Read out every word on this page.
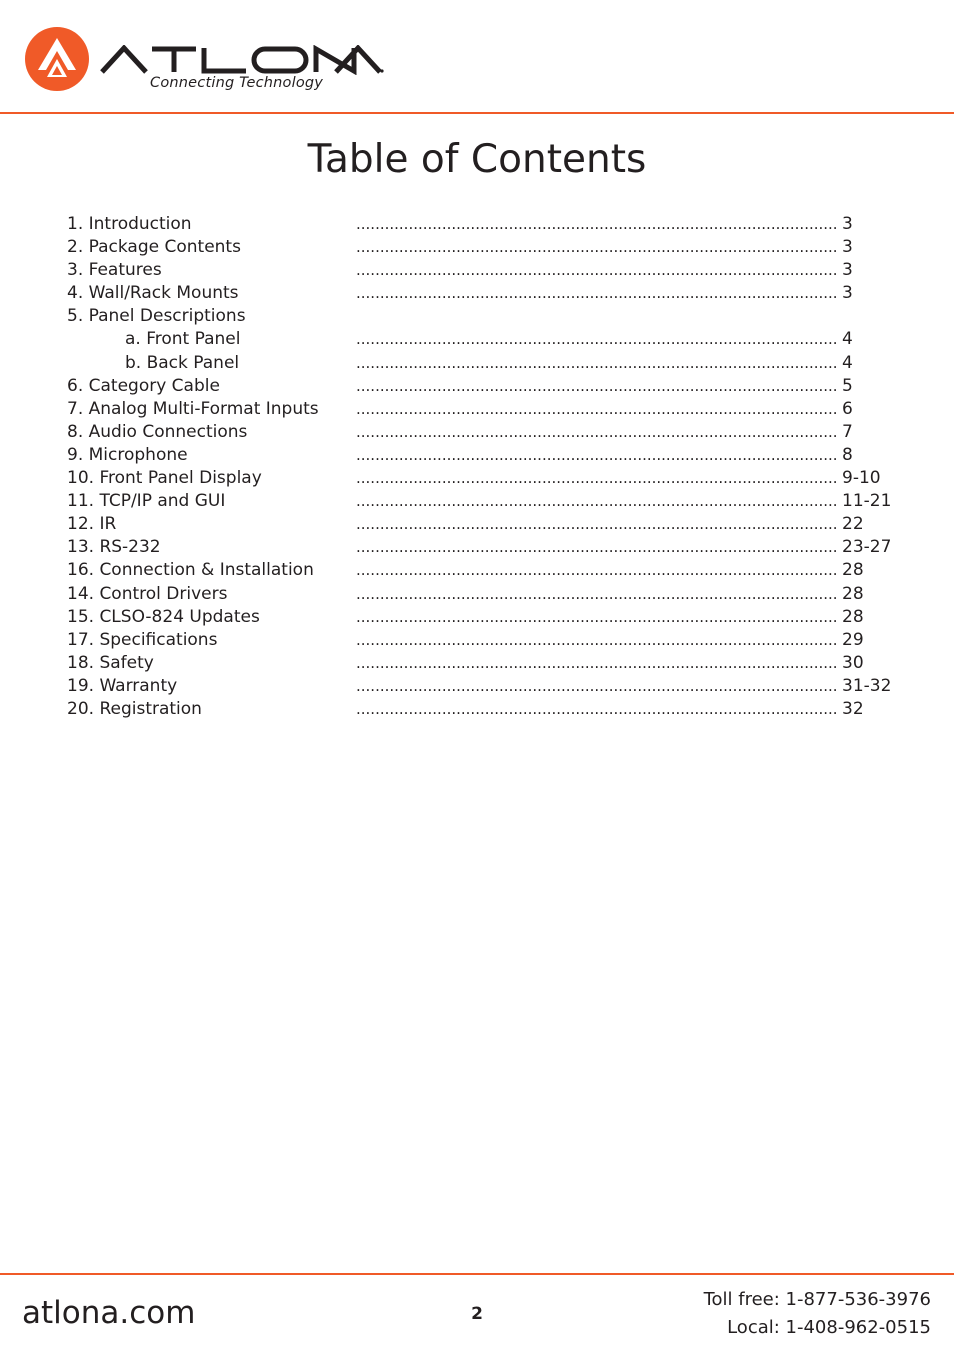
Connecting Technology
Table of Contents
1. Introduction .....	3
2. Package Contents .....	3
3. Features .....	3
4. Wall/Rack Mounts .....	3
5. Panel Descriptions
a. Front Panel .....	4
b. Back Panel .....	4
6. Category Cable .....	5
7. Analog Multi-Format Inputs .....	6
8. Audio Connections .....	7
9. Microphone .....	8
10. Front Panel Display .....	9-10
11. TCP/IP and GUI .....	11-21
12. IR .....	22
13. RS-232 .....	23-27
16. Connection & Installation .....	28
14. Control Drivers .....	28
15. CLSO-824 Updates .....	28
17. Specifications .....	29
18. Safety .....	30
19. Warranty .....	31-32
20. Registration .....	32
atlona.com	2
Toll free: 1-877-536-3976
Local: 1-408-962-0515
